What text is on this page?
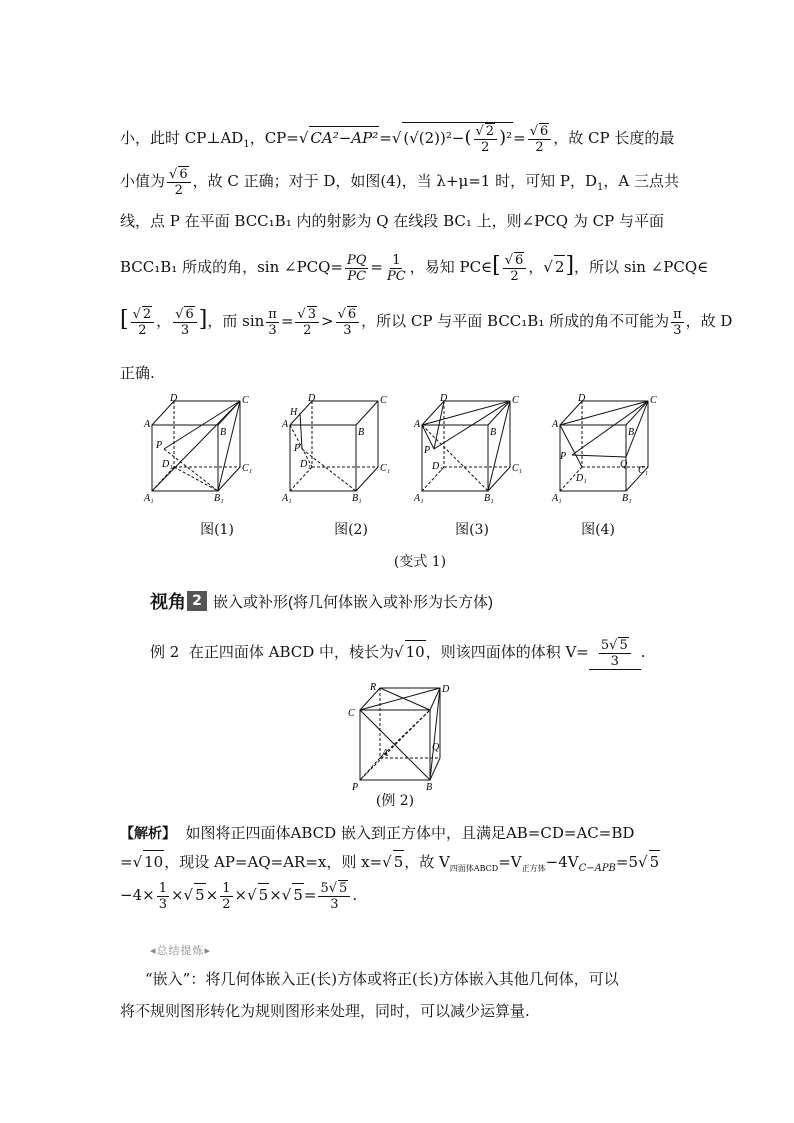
小，此时 $CP\perp AD_1$，CP=√ CA²−AP²=√ (√(2))²−(
√ $\frac{2}{2} )^2=$
√ $\frac{6}{2}$ ，故 CP 长度的最
小值为
√ $\frac{6}{2}$ ，故 C 正确；对于 D，如图(4)，当 λ+μ=1 时，可知 P，$D_1$，A 三点共
线，点 P 在平面 BCC₁B₁ 内的射影为 Q 在线段 BC₁ 上，则∠PCQ 为 CP 与平面
BCC₁B₁ 所成的角，sin ∠PCQ= $\frac{PQ}{PC} = \frac{1}{PC}$ ，易知 PC∈[
√ $\frac{6}{2}$ ，√ 2]，所以 sin ∠PCQ∈
[
√ $\frac{2}{2}$ ，
√ $\frac{6}{3}$ ]，而 $\sin \frac{\pi}{3}$ =
√ $\frac{3}{2}$ >
√ $\frac{6}{3}$ ，所以 CP 与平面 BCC₁B₁ 所成的角不可能为 $\frac{\pi}{3}$ ，故 D
正确.
D	C
A
B
P
D₁	C₁
A₁	B₁
D
H
C
A
B
P
D₁	C₁
A₁	B₁
D	C
A
B
P
D₁	C₁
A₁	B₁
D	C
A
B
P
Q
D₁
C₁
A₁	B₁
图(1)	图(2)	图(3)	图(4)
(变式 1)
视角 2 嵌入或补形(将几何体嵌入或补形为长方体)
例 2 在正四面体 ABCD 中，棱长为√ 10，则该四面体的体积 $V= \frac{5√ 5}{3}$ .
R	D
C
A
Q
P	B
(例 2)
【解析】 如图将正四面体ABCD 嵌入到正方体中，且满足AB=CD=AC=BD
=√ 10，现设 AP=AQ=AR=x，则 x=√ 5，故 $V_{四面体ABCD}=V_{正方体}-4V_{C-APB}=5√$ 5
$-4\times \frac{1}{3}$ ×√ $5\times \frac{1}{2}$ ×√ 5×√ $5= \frac{5√ 5}{3}$ .
◂总结提炼▸
“嵌入”：将几何体嵌入正(长)方体或将正(长)方体嵌入其他几何体，可以
将不规则图形转化为规则图形来处理，同时，可以减少运算量.
